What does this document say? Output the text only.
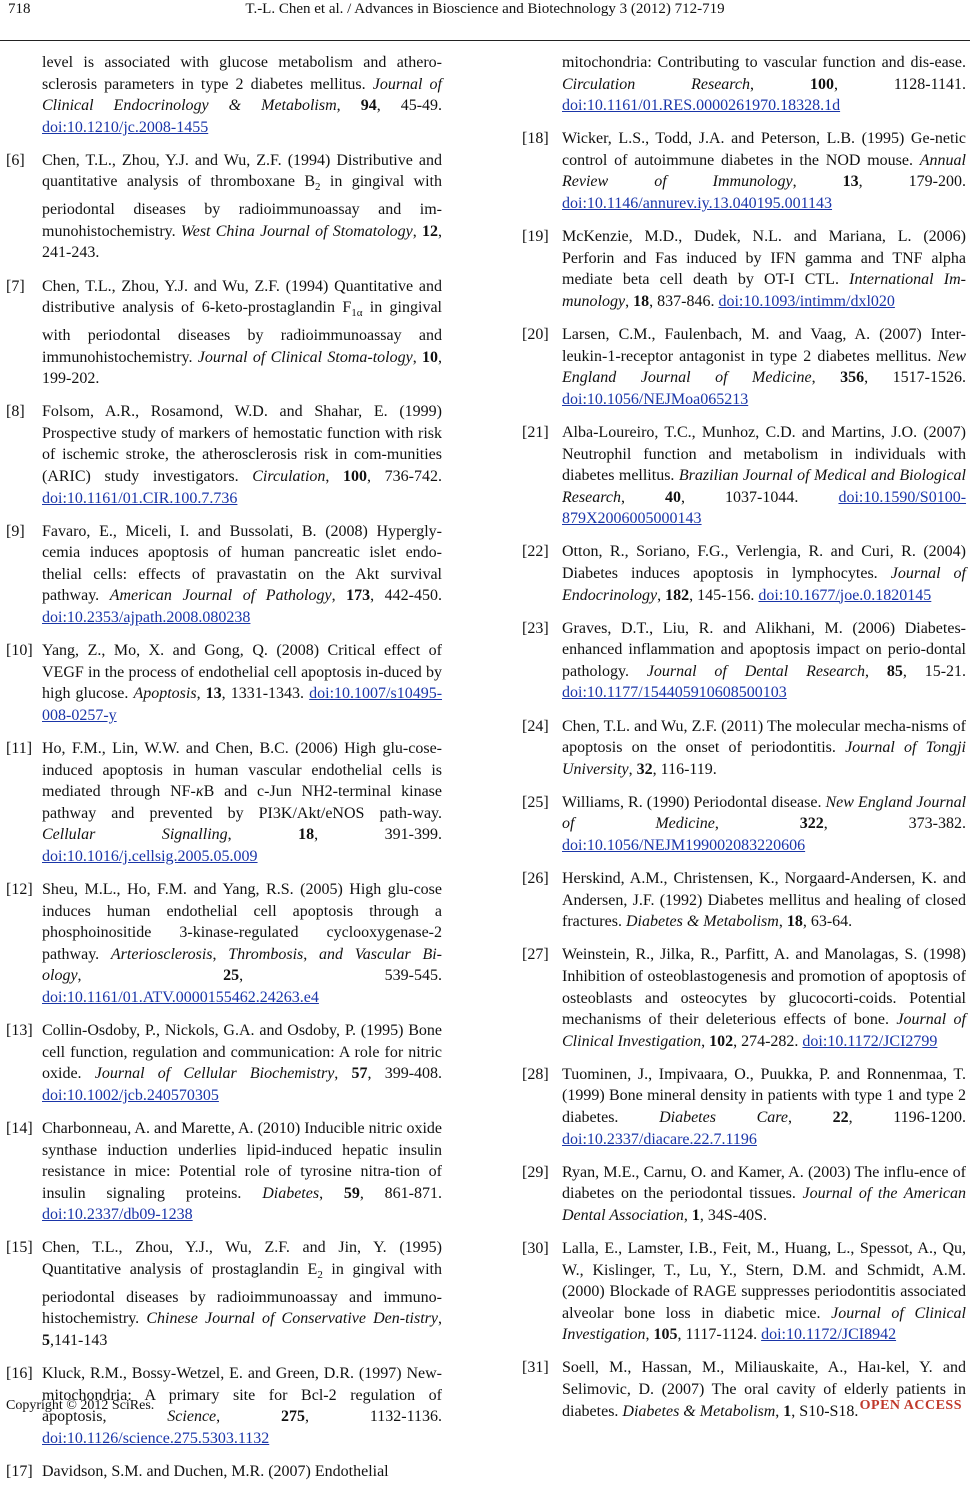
718	T.-L. Chen et al. / Advances in Bioscience and Biotechnology 3 (2012) 712-719
level is associated with glucose metabolism and athero-sclerosis parameters in type 2 diabetes mellitus. Journal of Clinical Endocrinology & Metabolism, 94, 45-49. doi:10.1210/jc.2008-1455
[6]	Chen, T.L., Zhou, Y.J. and Wu, Z.F. (1994) Distributive and quantitative analysis of thromboxane $B_2$ in gingival with periodontal diseases by radioimmunoassay and im-munohistochemistry. West China Journal of Stomatology, 12, 241-243.
[7]	Chen, T.L., Zhou, Y.J. and Wu, Z.F. (1994) Quantitative and distributive analysis of 6-keto-prostaglandin $F_{1\alpha}$ in gingival with periodontal diseases by radioimmunoassay and immunohistochemistry. Journal of Clinical Stoma-tology, 10, 199-202.
[8]	Folsom, A.R., Rosamond, W.D. and Shahar, E. (1999) Prospective study of markers of hemostatic function with risk of ischemic stroke, the atherosclerosis risk in com-munities (ARIC) study investigators. Circulation, 100, 736-742. doi:10.1161/01.CIR.100.7.736
[9]	Favaro, E., Miceli, I. and Bussolati, B. (2008) Hypergly-cemia induces apoptosis of human pancreatic islet endo-thelial cells: effects of pravastatin on the Akt survival pathway. American Journal of Pathology, 173, 442-450. doi:10.2353/ajpath.2008.080238
[10] Yang, Z., Mo, X. and Gong, Q. (2008) Critical effect of VEGF in the process of endothelial cell apoptosis in-duced by high glucose. Apoptosis, 13, 1331-1343. doi:10.1007/s10495-008-0257-y
[11] Ho, F.M., Lin, W.W. and Chen, B.C. (2006) High glu-cose-induced apoptosis in human vascular endothelial cells is mediated through NF-κB and c-Jun NH2-terminal kinase pathway and prevented by PI3K/Akt/eNOS path-way. Cellular Signalling, 18, 391-399. doi:10.1016/j.cellsig.2005.05.009
[12] Sheu, M.L., Ho, F.M. and Yang, R.S. (2005) High glu-cose induces human endothelial cell apoptosis through a phosphoinositide 3-kinase-regulated cyclooxygenase-2 pathway. Arteriosclerosis, Thrombosis, and Vascular Bi-ology, 25, 539-545. doi:10.1161/01.ATV.0000155462.24263.e4
[13] Collin-Osdoby, P., Nickols, G.A. and Osdoby, P. (1995) Bone cell function, regulation and communication: A role for nitric oxide. Journal of Cellular Biochemistry, 57, 399-408. doi:10.1002/jcb.240570305
[14] Charbonneau, A. and Marette, A. (2010) Inducible nitric oxide synthase induction underlies lipid-induced hepatic insulin resistance in mice: Potential role of tyrosine nitra-tion of insulin signaling proteins. Diabetes, 59, 861-871. doi:10.2337/db09-1238
[15] Chen, T.L., Zhou, Y.J., Wu, Z.F. and Jin, Y. (1995) Quantitative analysis of prostaglandin $E_2$ in gingival with periodontal diseases by radioimmunoassay and immuno-histochemistry. Chinese Journal of Conservative Den-tistry, 5,141-143
[16] Kluck, R.M., Bossy-Wetzel, E. and Green, D.R. (1997) New-mitochondria: A primary site for Bcl-2 regulation of apoptosis, Science, 275, 1132-1136. doi:10.1126/science.275.5303.1132
[17] Davidson, S.M. and Duchen, M.R. (2007) Endothelial
mitochondria: Contributing to vascular function and dis-ease. Circulation Research, 100, 1128-1141. doi:10.1161/01.RES.0000261970.18328.1d
[18] Wicker, L.S., Todd, J.A. and Peterson, L.B. (1995) Ge-netic control of autoimmune diabetes in the NOD mouse. Annual Review of Immunology, 13, 179-200. doi:10.1146/annurev.iy.13.040195.001143
[19] McKenzie, M.D., Dudek, N.L. and Mariana, L. (2006) Perforin and Fas induced by IFN gamma and TNF alpha mediate beta cell death by OT-I CTL. International Im-munology, 18, 837-846. doi:10.1093/intimm/dxl020
[20] Larsen, C.M., Faulenbach, M. and Vaag, A. (2007) Inter-leukin-1-receptor antagonist in type 2 diabetes mellitus. New England Journal of Medicine, 356, 1517-1526. doi:10.1056/NEJMoa065213
[21] Alba-Loureiro, T.C., Munhoz, C.D. and Martins, J.O. (2007) Neutrophil function and metabolism in individuals with diabetes mellitus. Brazilian Journal of Medical and Biological Research, 40, 1037-1044. doi:10.1590/S0100-879X2006005000143
[22] Otton, R., Soriano, F.G., Verlengia, R. and Curi, R. (2004) Diabetes induces apoptosis in lymphocytes. Journal of Endocrinology, 182, 145-156. doi:10.1677/joe.0.1820145
[23] Graves, D.T., Liu, R. and Alikhani, M. (2006) Diabetes-enhanced inflammation and apoptosis impact on perio-dontal pathology. Journal of Dental Research, 85, 15-21. doi:10.1177/154405910608500103
[24] Chen, T.L. and Wu, Z.F. (2011) The molecular mecha-nisms of apoptosis on the onset of periodontitis. Journal of Tongji University, 32, 116-119.
[25] Williams, R. (1990) Periodontal disease. New England Journal of Medicine, 322, 373-382. doi:10.1056/NEJM199002083220606
[26] Herskind, A.M., Christensen, K., Norgaard-Andersen, K. and Andersen, J.F. (1992) Diabetes mellitus and healing of closed fractures. Diabetes & Metabolism, 18, 63-64.
[27] Weinstein, R., Jilka, R., Parfitt, A. and Manolagas, S. (1998) Inhibition of osteoblastogenesis and promotion of apoptosis of osteoblasts and osteocytes by glucocorti-coids. Potential mechanisms of their deleterious effects of bone. Journal of Clinical Investigation, 102, 274-282. doi:10.1172/JCI2799
[28] Tuominen, J., Impivaara, O., Puukka, P. and Ronnenmaa, T. (1999) Bone mineral density in patients with type 1 and type 2 diabetes. Diabetes Care, 22, 1196-1200. doi:10.2337/diacare.22.7.1196
[29] Ryan, M.E., Carnu, O. and Kamer, A. (2003) The influ-ence of diabetes on the periodontal tissues. Journal of the American Dental Association, 1, 34S-40S.
[30] Lalla, E., Lamster, I.B., Feit, M., Huang, L., Spessot, A., Qu, W., Kislinger, T., Lu, Y., Stern, D.M. and Schmidt, A.M. (2000) Blockade of RAGE suppresses periodontitis associated alveolar bone loss in diabetic mice. Journal of Clinical Investigation, 105, 1117-1124. doi:10.1172/JCI8942
[31] Soell, M., Hassan, M., Miliauskaite, A., Haı-kel, Y. and Selimovic, D. (2007) The oral cavity of elderly patients in diabetes. Diabetes & Metabolism, 1, S10-S18.
Copyright © 2012 SciRes.	OPEN ACCESS
